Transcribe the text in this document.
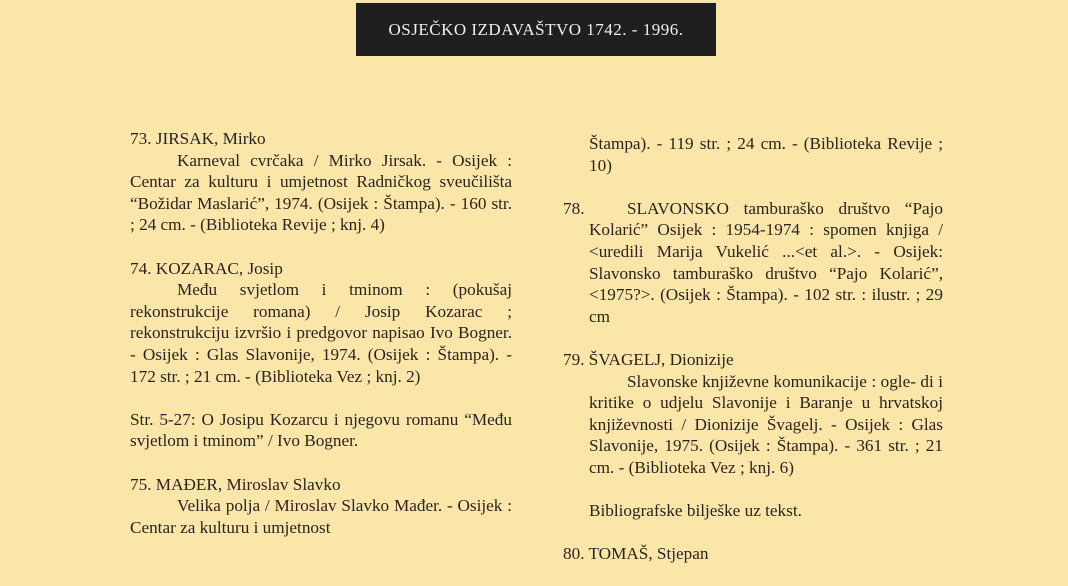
OSJEČKO IZDAVAŠTVO 1742. - 1996.
73. JIRSAK, Mirko
Karneval cvrčaka / Mirko Jirsak. - Osijek : Centar za kulturu i umjetnost Radničkog sveučilišta “Božidar Maslarić”, 1974. (Osijek : Štampa). - 160 str. ; 24 cm. - (Biblioteka Revije ; knj. 4)
74. KOZARAC, Josip
Među svjetlom i tminom : (pokušaj rekonstrukcije romana) / Josip Kozarac ; rekonstrukciju izvršio i predgovor napisao Ivo Bogner. - Osijek : Glas Slavonije, 1974. (Osijek : Štampa). - 172 str. ; 21 cm. - (Biblioteka Vez ; knj. 2)
Str. 5-27: O Josipu Kozarcu i njegovu romanu “Među svjetlom i tminom” / Ivo Bogner.
75. MAĐER, Miroslav Slavko
Velika polja / Miroslav Slavko Mađer. - Osijek : Centar za kulturu i umjetnost
Štampa). - 119 str. ; 24 cm. - (Biblioteka Revije ; 10)
78.	SLAVONSKO tamburaško društvo “Pajo Kolarić” Osijek : 1954-1974 : spomen knjiga / <uredili Marija Vukelić ...<et al.>. - Osijek: Slavonsko tamburaško društvo “Pajo Kolarić”, <1975?>. (Osijek : Štampa). - 102 str. : ilustr. ; 29 cm
79. ŠVAGELJ, Dionizije
Slavonske književne komunikacije : ogle- di i kritike o udjelu Slavonije i Baranje u hrvatskoj književnosti / Dionizije Švagelj. - Osijek : Glas Slavonije, 1975. (Osijek : Štampa). - 361 str. ; 21 cm. - (Biblioteka Vez ; knj. 6)
Bibliografske bilješke uz tekst.
80. TOMAŠ, Stjepan
